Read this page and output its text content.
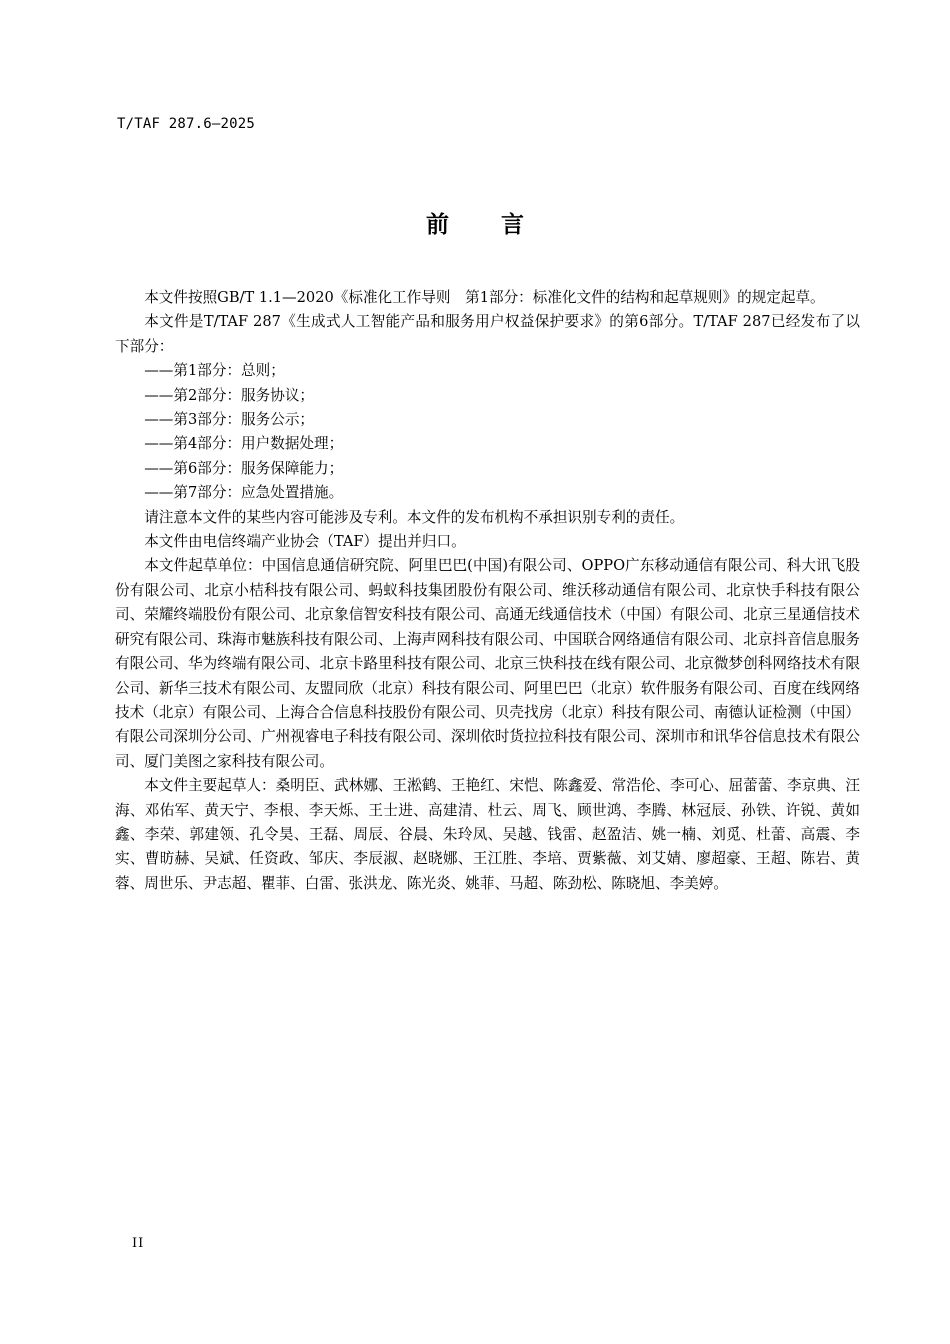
T/TAF 287.6—2025
前言

本文件按照GB/T 1.1—2020《标准化工作导则　第1部分：标准化文件的结构和起草规则》的规定起草。

本文件是T/TAF 287《生成式人工智能产品和服务用户权益保护要求》的第6部分。T/TAF 287已经发布了以下部分：

——第1部分：总则；

——第2部分：服务协议；

——第3部分：服务公示；

——第4部分：用户数据处理；

——第6部分：服务保障能力；

——第7部分：应急处置措施。

请注意本文件的某些内容可能涉及专利。本文件的发布机构不承担识别专利的责任。

本文件由电信终端产业协会（TAF）提出并归口。

本文件起草单位：中国信息通信研究院、阿里巴巴(中国)有限公司、OPPO广东移动通信有限公司、科大讯飞股份有限公司、北京小桔科技有限公司、蚂蚁科技集团股份有限公司、维沃移动通信有限公司、北京快手科技有限公司、荣耀终端股份有限公司、北京象信智安科技有限公司、高通无线通信技术（中国）有限公司、北京三星通信技术研究有限公司、珠海市魅族科技有限公司、上海声网科技有限公司、中国联合网络通信有限公司、北京抖音信息服务有限公司、华为终端有限公司、北京卡路里科技有限公司、北京三快科技在线有限公司、北京微梦创科网络技术有限公司、新华三技术有限公司、友盟同欣（北京）科技有限公司、阿里巴巴（北京）软件服务有限公司、百度在线网络技术（北京）有限公司、上海合合信息科技股份有限公司、贝壳找房（北京）科技有限公司、南德认证检测（中国）有限公司深圳分公司、广州视睿电子科技有限公司、深圳依时货拉拉科技有限公司、深圳市和讯华谷信息技术有限公司、厦门美图之家科技有限公司。

本文件主要起草人：桑明臣、武林娜、王淞鹤、王艳红、宋恺、陈鑫爱、常浩伦、李可心、屈蕾蕾、李京典、汪海、邓佑军、黄天宁、李根、李天烁、王士进、高建清、杜云、周飞、顾世鸿、李腾、林冠辰、孙铁、许锐、黄如鑫、李荣、郭建领、孔令昊、王磊、周辰、谷晨、朱玲凤、吴越、钱雷、赵盈洁、姚一楠、刘觅、杜蕾、高震、李实、曹昉赫、吴斌、任资政、邹庆、李辰淑、赵晓娜、王江胜、李培、贾紫薇、刘艾婧、廖超豪、王超、陈岩、黄蓉、周世乐、尹志超、瞿菲、白雷、张洪龙、陈光炎、姚菲、马超、陈劲松、陈晓旭、李美婷。

II
